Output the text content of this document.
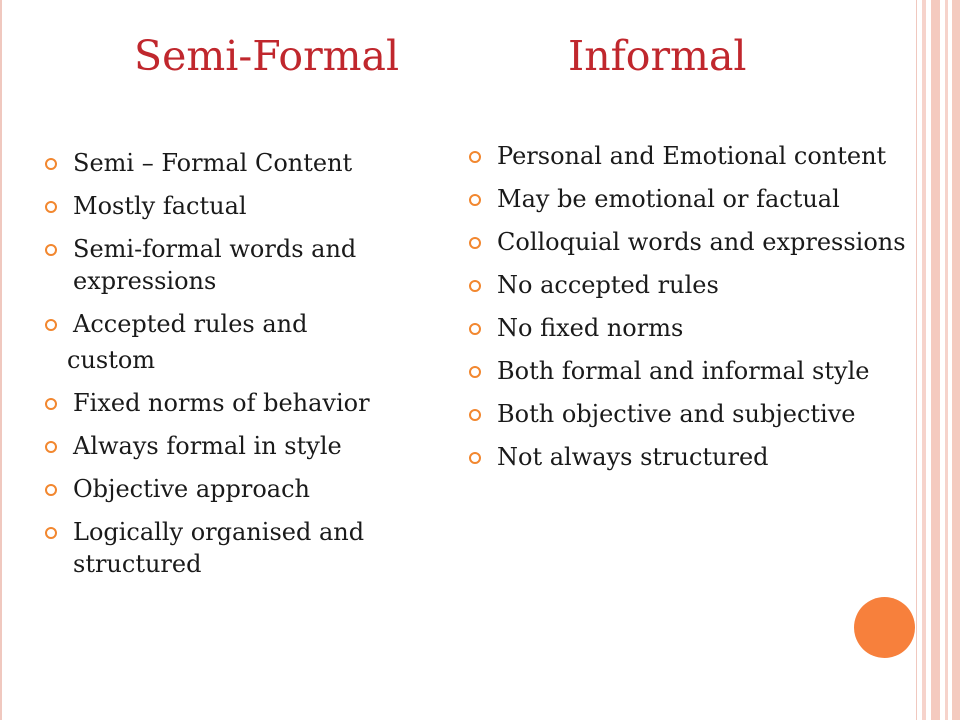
Semi-Formal	Informal
Semi – Formal Content
Mostly factual
Semi-formal words and expressions
Accepted rules and
custom
Fixed norms of behavior
Always formal in style
Objective approach
Logically organised and structured
Personal and Emotional content
May be emotional or factual
Colloquial words and expressions
No accepted rules
No fixed norms
Both formal and informal style
Both objective and subjective
Not always structured
